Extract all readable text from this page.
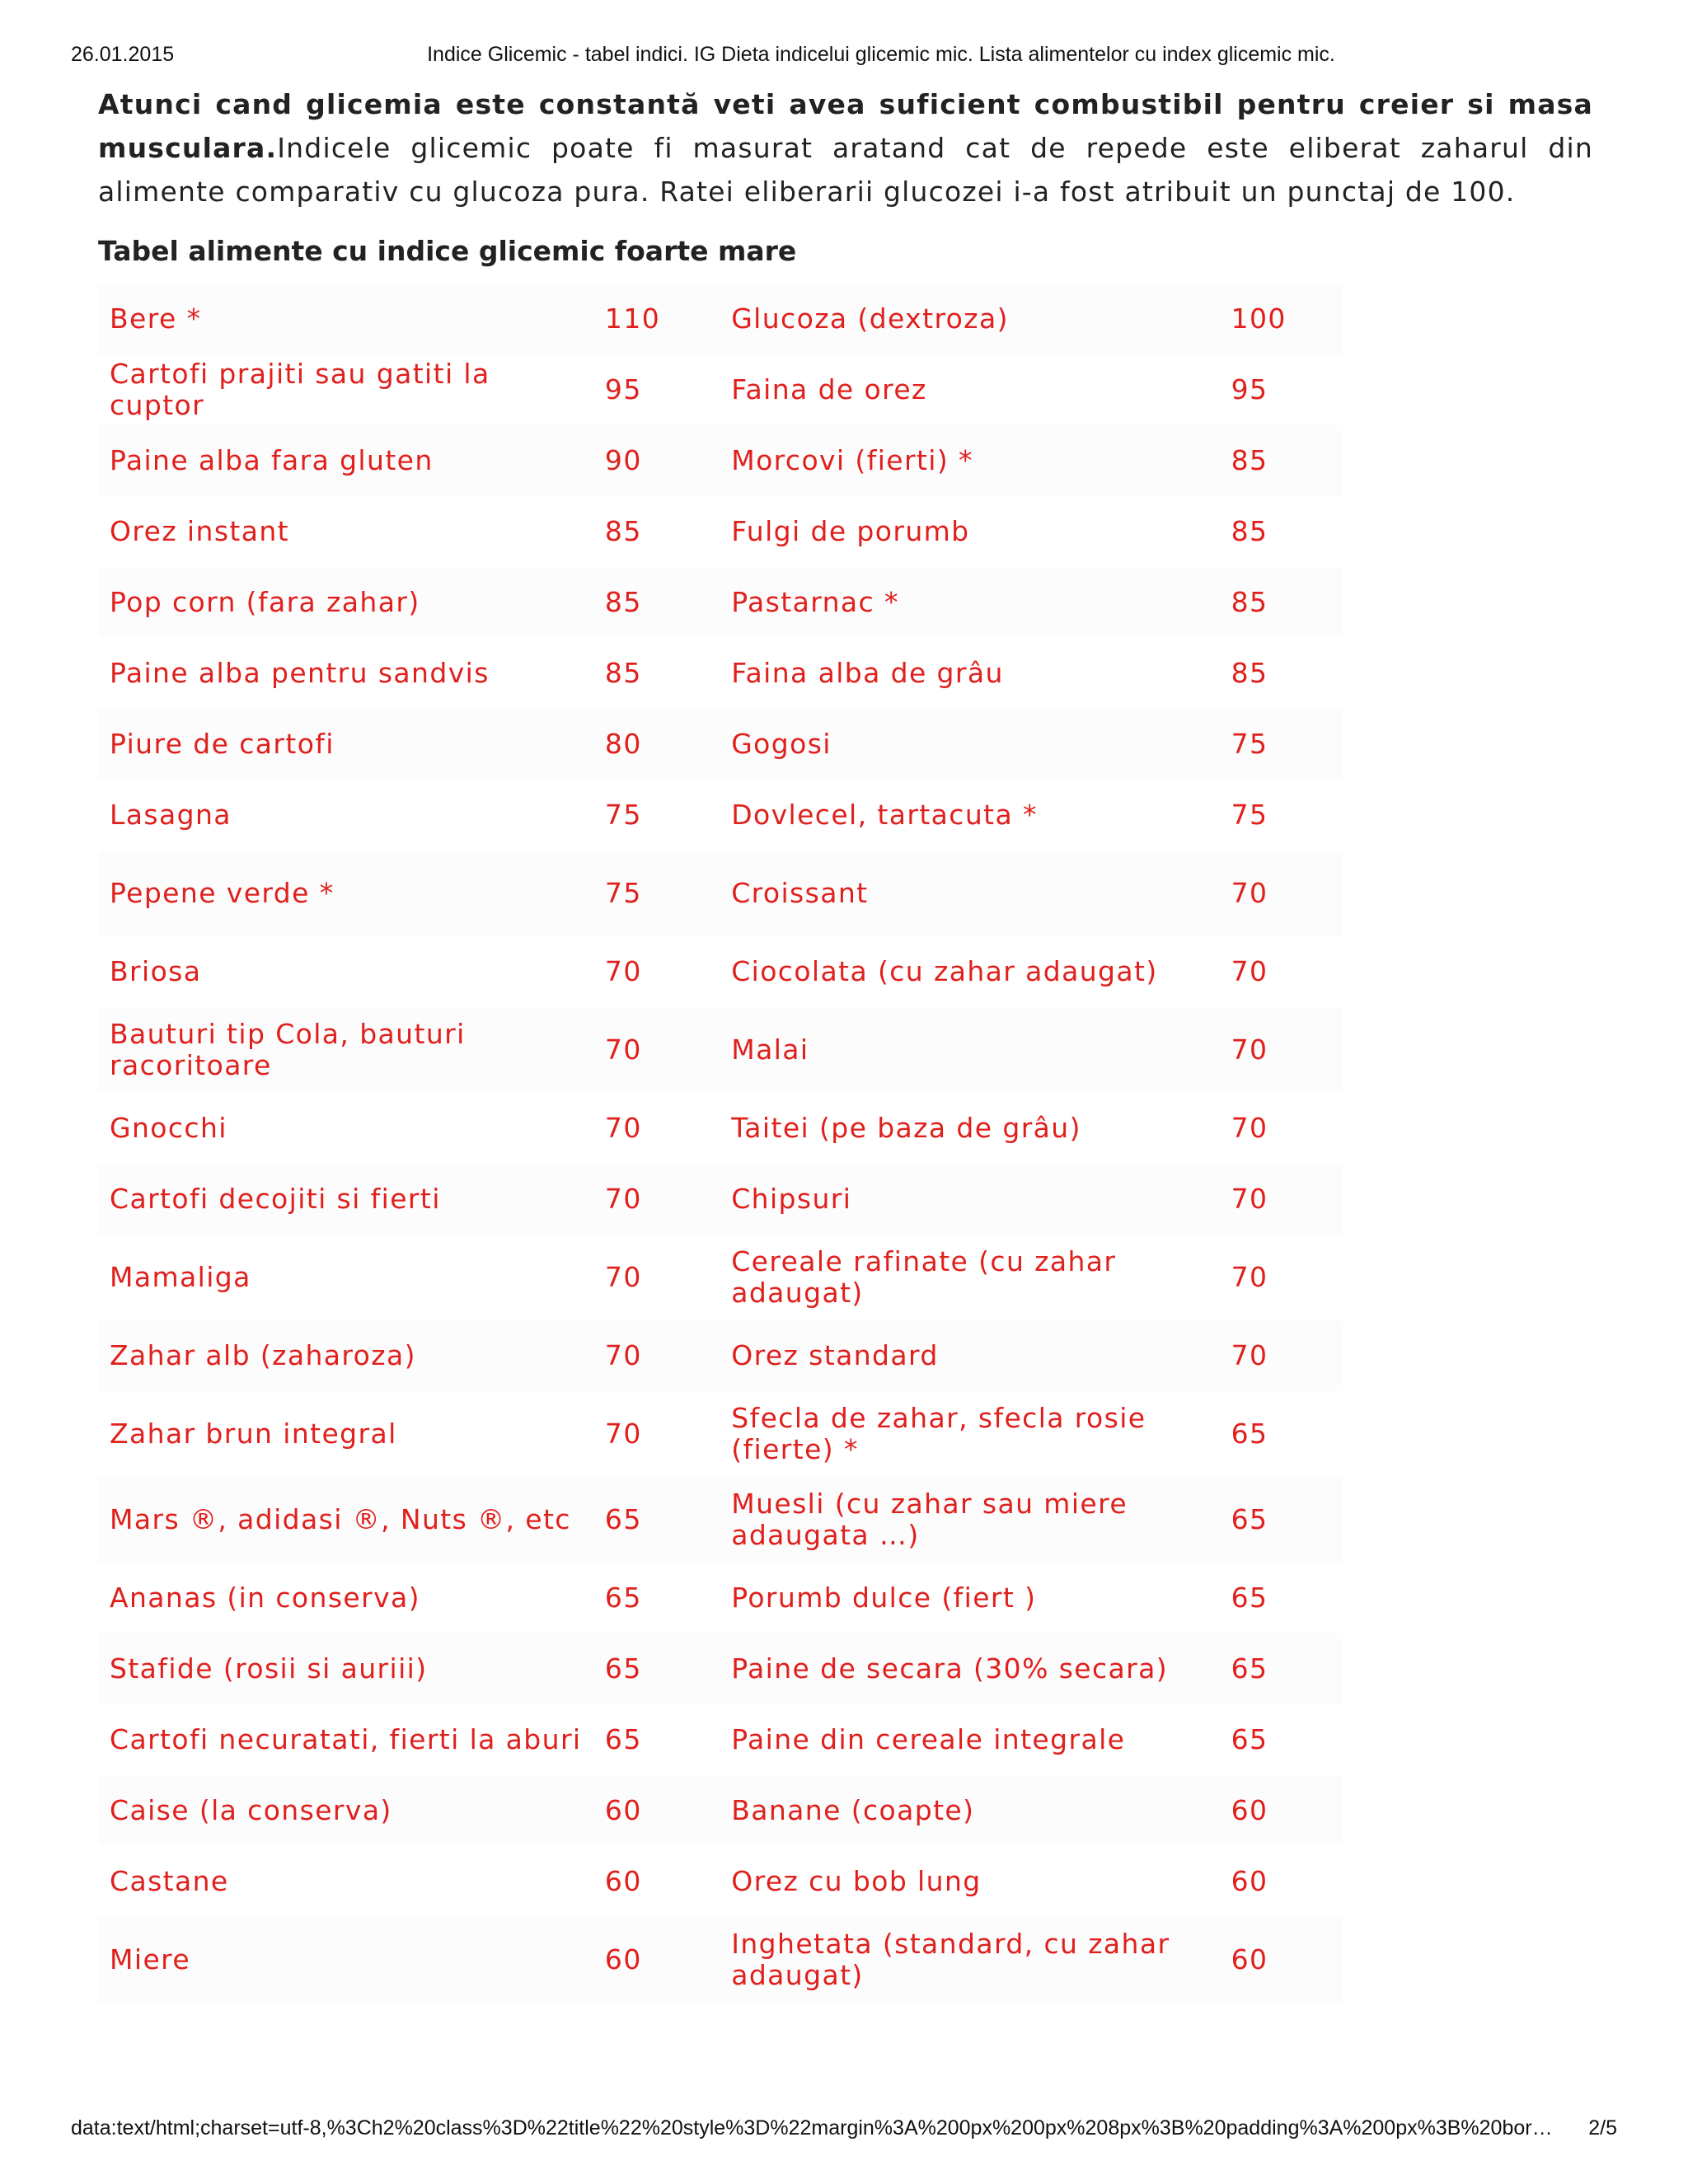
26.01.2015	Indice Glicemic - tabel indici. IG Dieta indicelui glicemic mic. Lista alimentelor cu index glicemic mic.

Atunci cand glicemia este constantă veti avea suficient combustibil pentru creier si masa musculara.Indicele glicemic poate fi masurat aratand cat de repede este eliberat zaharul din alimente comparativ cu glucoza pura. Ratei eliberarii glucozei i-a fost atribuit un punctaj de 100.

Tabel alimente cu indice glicemic foarte mare
Bere *	110	Glucoza (dextroza)	100
Cartofi prajiti sau gatiti la cuptor	95	Faina de orez	95
Paine alba fara gluten	90	Morcovi (fierti) *	85
Orez instant	85	Fulgi de porumb	85
Pop corn (fara zahar)	85	Pastarnac *	85
Paine alba pentru sandvis	85	Faina alba de grâu	85
Piure de cartofi	80	Gogosi	75
Lasagna	75	Dovlecel, tartacuta *	75
Pepene verde *	75	Croissant	70
Briosa	70	Ciocolata (cu zahar adaugat)	70
Bauturi tip Cola, bauturi racoritoare	70	Malai	70
Gnocchi	70	Taitei (pe baza de grâu)	70
Cartofi decojiti si fierti	70	Chipsuri	70
Mamaliga	70	Cereale rafinate (cu zahar adaugat)	70
Zahar alb (zaharoza)	70	Orez standard	70
Zahar brun integral	70	Sfecla de zahar, sfecla rosie (fierte) *	65
Mars ®, adidasi ®, Nuts ®, etc	65	Muesli (cu zahar sau miere adaugata …)	65
Ananas (in conserva)	65	Porumb dulce (fiert )	65
Stafide (rosii si auriii)	65	Paine de secara (30% secara)	65
Cartofi necuratati, fierti la aburi	65	Paine din cereale integrale	65
Caise (la conserva)	60	Banane (coapte)	60
Castane	60	Orez cu bob lung	60
Miere	60	Inghetata (standard, cu zahar adaugat)	60
data:text/html;charset=utf-8,%3Ch2%20class%3D%22title%22%20style%3D%22margin%3A%200px%200px%208px%3B%20padding%3A%200px%3B%20bor… 2/5
